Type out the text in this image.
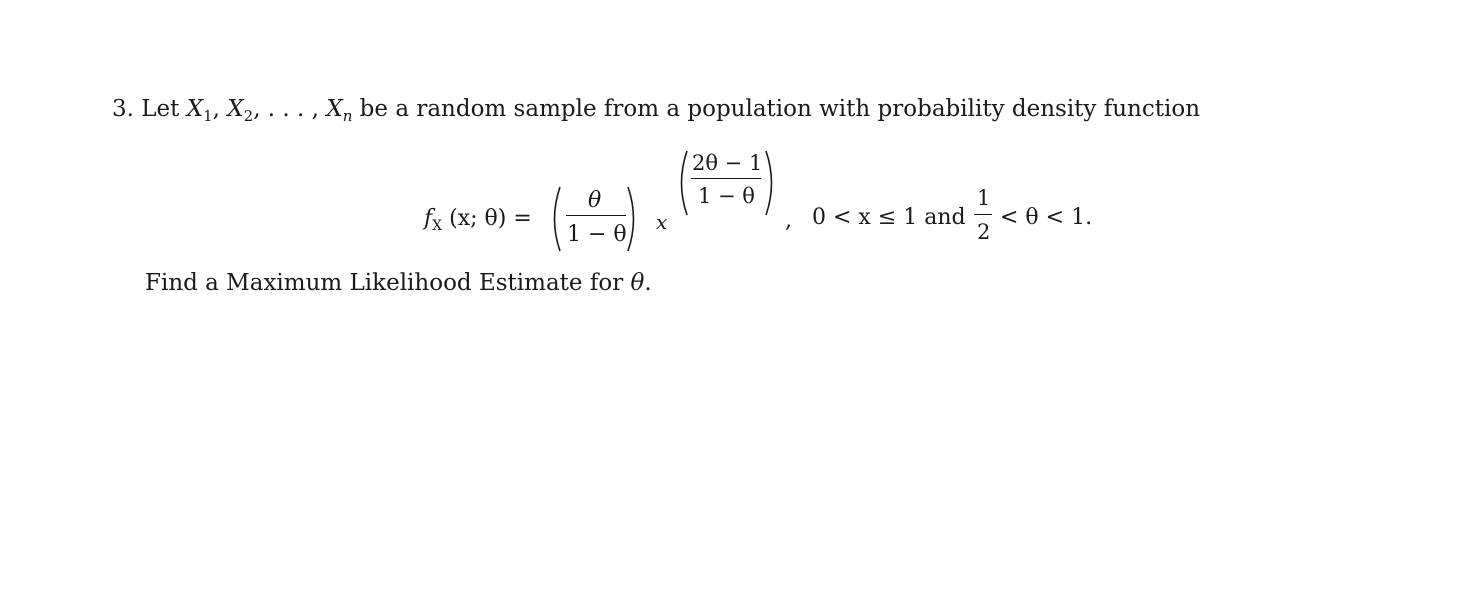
3. Let $X_1$, $X_2$, . . . , $X_n$ be a random sample from a population with probability density function
$f_X$ (x; θ) =
θ
1 − θ x
2θ − 1
1 − θ
, 0 < x ≤ 1 and
1
2
< θ < 1.
Find a Maximum Likelihood Estimate for θ.
